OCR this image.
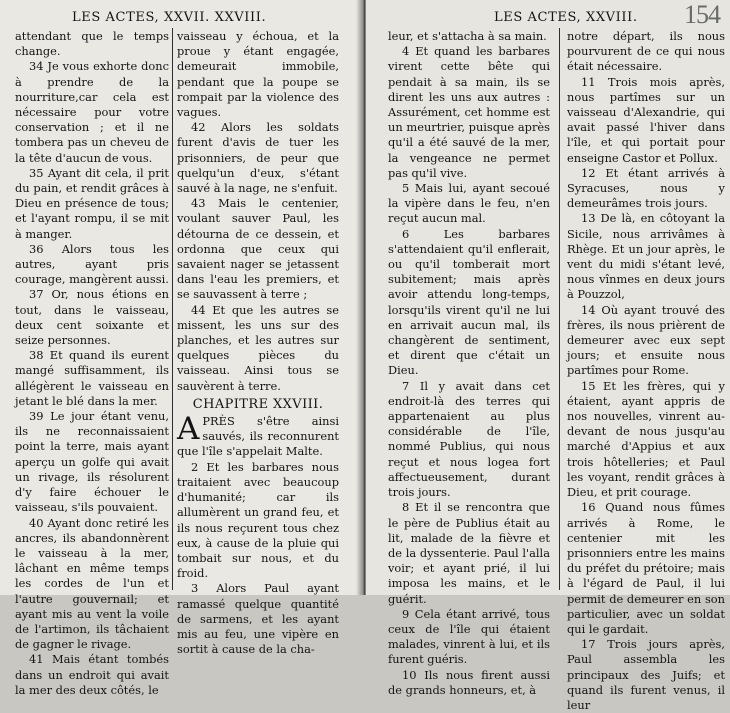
LES ACTES, XXVII. XXVIII.

attendant que le temps change.

34 Je vous exhorte donc à prendre de la nourriture,car cela est nécessaire pour votre conservation ; et il ne tombera pas un cheveu de la tête d'aucun de vous.

35 Ayant dit cela, il prit du pain, et rendit grâces à Dieu en présence de tous; et l'ayant rompu, il se mit à manger.

36 Alors tous les autres, ayant pris courage, mangèrent aussi.

37 Or, nous étions en tout, dans le vaisseau, deux cent soixante et seize personnes.

38 Et quand ils eurent mangé suffisamment, ils allégèrent le vaisseau en jetant le blé dans la mer.

39 Le jour étant venu, ils ne reconnaissaient point la terre, mais ayant aperçu un golfe qui avait un rivage, ils résolurent d'y faire échouer le vaisseau, s'ils pouvaient.

40 Ayant donc retiré les ancres, ils abandonnèrent le vaisseau à la mer, lâchant en même temps les cordes de l'un et l'autre gouvernail; et ayant mis au vent la voile de l'artimon, ils tâchaient de gagner le rivage.

41 Mais étant tombés dans un endroit qui avait la mer des deux côtés, le

vaisseau y échoua, et la proue y étant engagée, demeurait immobile, pendant que la poupe se rompait par la violence des vagues.

42 Alors les soldats furent d'avis de tuer les prisonniers, de peur que quelqu'un d'eux, s'étant sauvé à la nage, ne s'enfuit.

43 Mais le centenier, voulant sauver Paul, les détourna de ce dessein, et ordonna que ceux qui savaient nager se jetassent dans l'eau les premiers, et se sauvassent à terre ;

44 Et que les autres se missent, les uns sur des planches, et les autres sur quelques pièces du vaisseau. Ainsi tous se sauvèrent à terre.

CHAPITRE XXVIII.

APRÈS s'être ainsi sauvés, ils reconnurent que l'île s'appelait Malte.

2 Et les barbares nous traitaient avec beaucoup d'humanité; car ils allumèrent un grand feu, et ils nous reçurent tous chez eux, à cause de la pluie qui tombait sur nous, et du froid.

3 Alors Paul ayant ramassé quelque quantité de sarmens, et les ayant mis au feu, une vipère en sortit à cause de la cha-

LES ACTES, XXVIII. 154

leur, et s'attacha à sa main.

4 Et quand les barbares virent cette bête qui pendait à sa main, ils se dirent les uns aux autres : Assurément, cet homme est un meurtrier, puisque après qu'il a été sauvé de la mer, la vengeance ne permet pas qu'il vive.

5 Mais lui, ayant secoué la vipère dans le feu, n'en reçut aucun mal.

6 Les barbares s'attendaient qu'il enflerait, ou qu'il tomberait mort subitement; mais après avoir attendu long-temps, lorsqu'ils virent qu'il ne lui en arrivait aucun mal, ils changèrent de sentiment, et dirent que c'était un Dieu.

7 Il y avait dans cet endroit-là des terres qui appartenaient au plus considérable de l'île, nommé Publius, qui nous reçut et nous logea fort affectueusement, durant trois jours.

8 Et il se rencontra que le père de Publius était au lit, malade de la fièvre et de la dyssenterie. Paul l'alla voir; et ayant prié, il lui imposa les mains, et le guérit.

9 Cela étant arrivé, tous ceux de l'île qui étaient malades, vinrent à lui, et ils furent guéris.

10 Ils nous firent aussi de grands honneurs, et, à

notre départ, ils nous pourvurent de ce qui nous était nécessaire.

11 Trois mois après, nous partîmes sur un vaisseau d'Alexandrie, qui avait passé l'hiver dans l'île, et qui portait pour enseigne Castor et Pollux.

12 Et étant arrivés à Syracuses, nous y demeurâmes trois jours.

13 De là, en côtoyant la Sicile, nous arrivâmes à Rhège. Et un jour après, le vent du midi s'étant levé, nous vînmes en deux jours à Pouzzol,

14 Où ayant trouvé des frères, ils nous prièrent de demeurer avec eux sept jours; et ensuite nous partîmes pour Rome.

15 Et les frères, qui y étaient, ayant appris de nos nouvelles, vinrent au-devant de nous jusqu'au marché d'Appius et aux trois hôtelleries; et Paul les voyant, rendit grâces à Dieu, et prit courage.

16 Quand nous fûmes arrivés à Rome, le centenier mit les prisonniers entre les mains du préfet du prétoire; mais à l'égard de Paul, il lui permit de demeurer en son particulier, avec un soldat qui le gardait.

17 Trois jours après, Paul assembla les principaux des Juifs; et quand ils furent venus, il leur
